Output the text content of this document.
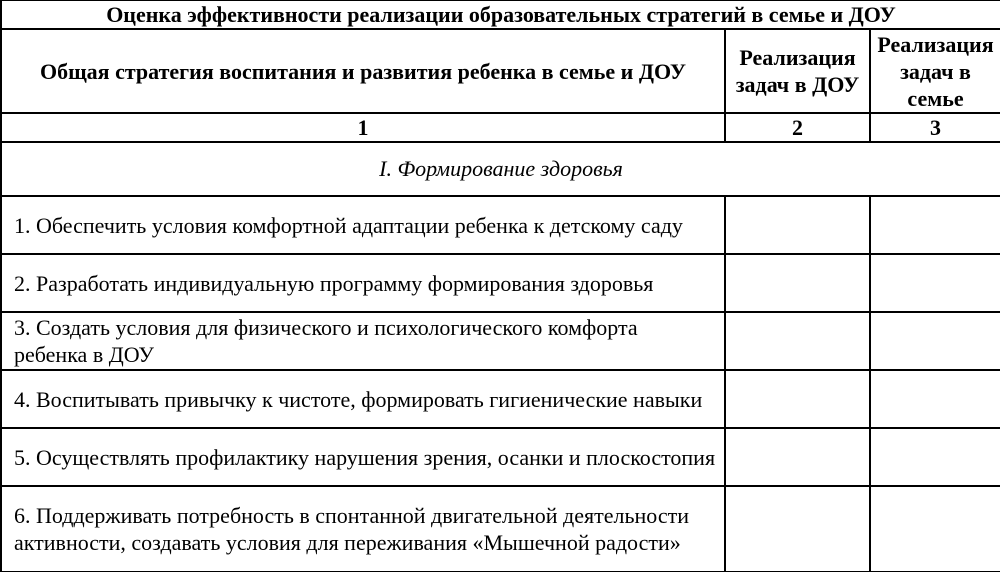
Оценка эффективности реализации образовательных стратегий в семье и ДОУ		
Общая стратегия воспитания и развития ребенка в семье и ДОУ	Реализация задач в ДОУ	Реализация задач в семье
1	2	3
I. Формирование здоровья		
1. Обеспечить условия комфортной адаптации ребенка к детскому саду		
2. Разработать индивидуальную программу формирования здоровья		
3. Создать условия для физического и психологического комфорта ребенка в ДОУ		
4. Воспитывать привычку к чистоте, формировать гигиенические навыки		
5. Осуществлять профилактику нарушения зрения, осанки и плоскостопия		
6. Поддерживать потребность в спонтанной двигательной деятельности активности, создавать условия для переживания «Мышечной радости»		
